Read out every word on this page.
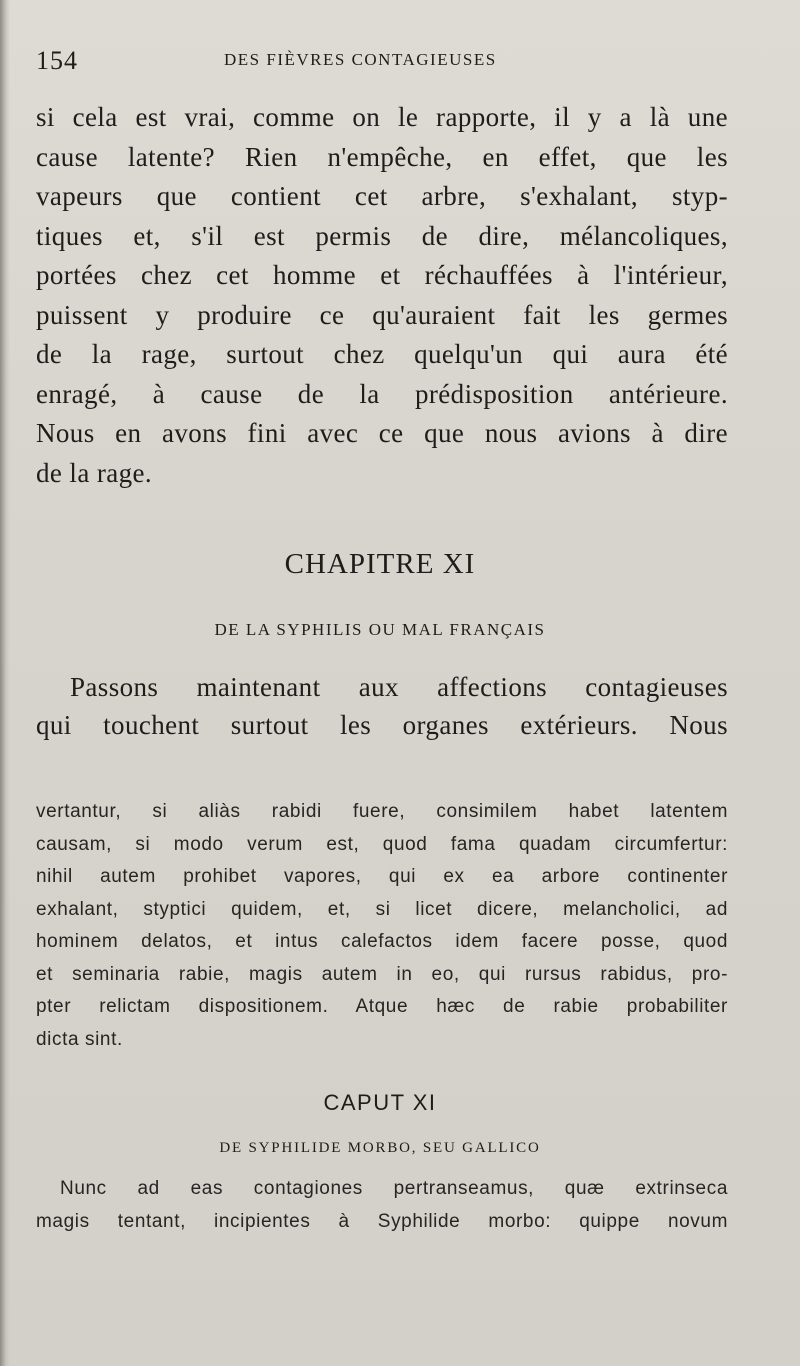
154	DES FIÈVRES CONTAGIEUSES
si cela est vrai, comme on le rapporte, il y a là une
cause latente? Rien n'empêche, en effet, que les
vapeurs que contient cet arbre, s'exhalant, styp-
tiques et, s'il est permis de dire, mélancoliques,
portées chez cet homme et réchauffées à l'intérieur,
puissent y produire ce qu'auraient fait les germes
de la rage, surtout chez quelqu'un qui aura été
enragé, à cause de la prédisposition antérieure.
Nous en avons fini avec ce que nous avions à dire
de la rage.
CHAPITRE XI
DE LA SYPHILIS OU MAL FRANÇAIS
Passons maintenant aux affections contagieuses
qui touchent surtout les organes extérieurs. Nous
vertantur, si aliàs rabidi fuere, consimilem habet latentem
causam, si modo verum est, quod fama quadam circumfertur:
nihil autem prohibet vapores, qui ex ea arbore continenter
exhalant, styptici quidem, et, si licet dicere, melancholici, ad
hominem delatos, et intus calefactos idem facere posse, quod
et seminaria rabie, magis autem in eo, qui rursus rabidus, pro-
pter relictam dispositionem. Atque hæc de rabie probabiliter
dicta sint.
CAPUT XI
DE SYPHILIDE MORBO, SEU GALLICO
Nunc ad eas contagiones pertranseamus, quæ extrinseca
magis tentant, incipientes à Syphilide morbo: quippe novum
